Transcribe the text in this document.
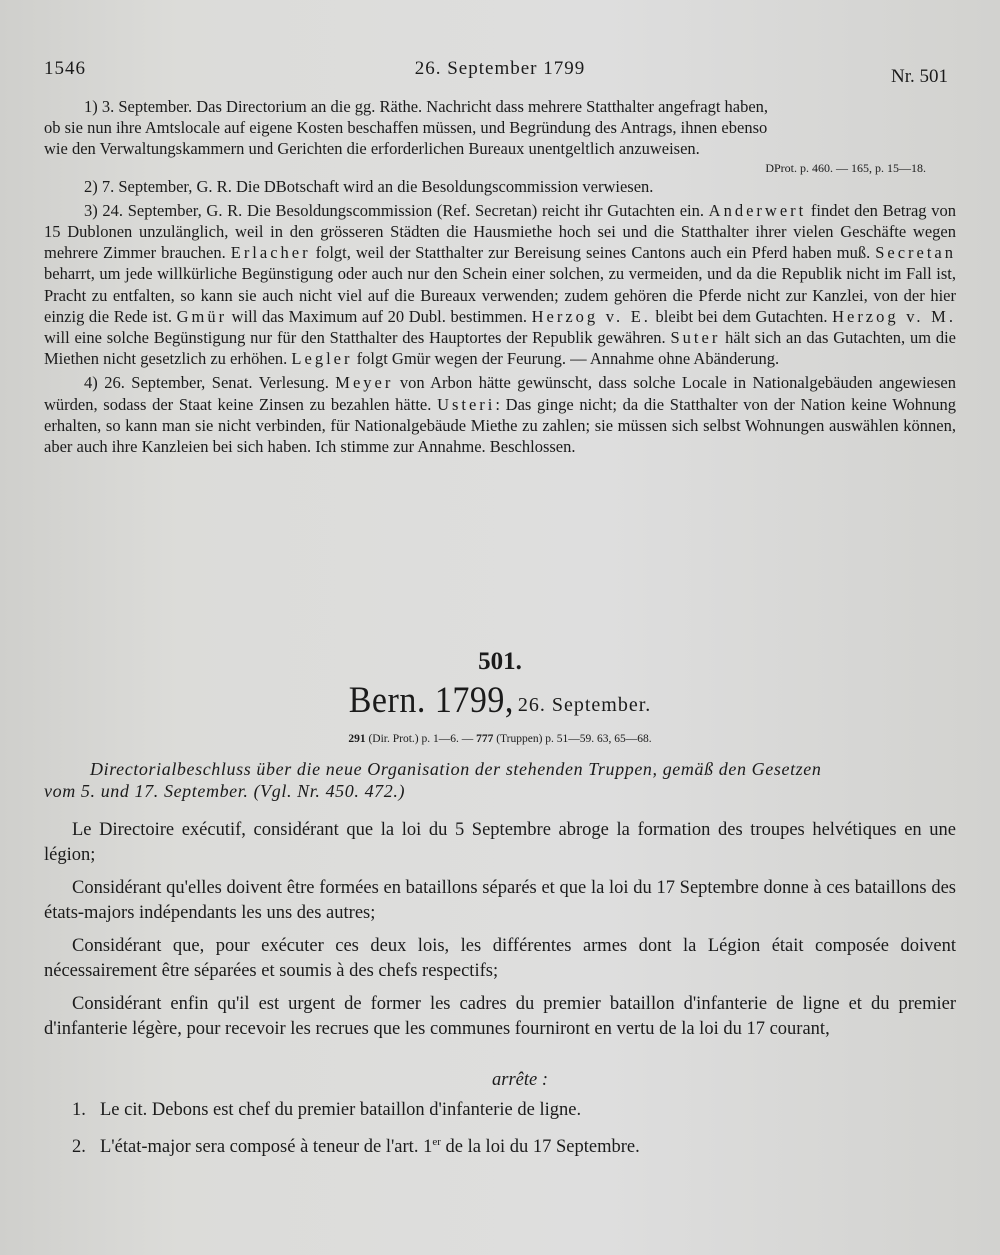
26. September 1799
1546	Nr. 501

1) 3. September. Das Directorium an die gg. Räthe. Nachricht dass mehrere Statthalter angefragt haben,
ob sie nun ihre Amtslocale auf eigene Kosten beschaffen müssen, und Begründung des Antrags, ihnen ebenso
wie den Verwaltungskammern und Gerichten die erforderlichen Bureaux unentgeltlich anzuweisen.

DProt. p. 460. — 165, p. 15—18.

2) 7. September, G. R. Die DBotschaft wird an die Besoldungscommission verwiesen.

3) 24. September, G. R. Die Besoldungscommission (Ref. Secretan) reicht ihr Gutachten ein. Anderwert findet den Betrag von 15 Dublonen unzulänglich, weil in den grösseren Städten die Hausmiethe hoch sei und die Statthalter ihrer vielen Geschäfte wegen mehrere Zimmer brauchen. Erlacher folgt, weil der Statthalter zur Bereisung seines Cantons auch ein Pferd haben muß. Secretan beharrt, um jede willkürliche Begünstigung oder auch nur den Schein einer solchen, zu vermeiden, und da die Republik nicht im Fall ist, Pracht zu entfalten, so kann sie auch nicht viel auf die Bureaux verwenden; zudem gehören die Pferde nicht zur Kanzlei, von der hier einzig die Rede ist. Gmür will das Maximum auf 20 Dubl. bestimmen. Herzog v. E. bleibt bei dem Gutachten. Herzog v. M. will eine solche Begünstigung nur für den Statthalter des Hauptortes der Republik gewähren. Suter hält sich an das Gutachten, um die Miethen nicht gesetzlich zu erhöhen. Legler folgt Gmür wegen der Feurung. — Annahme ohne Abänderung.

4) 26. September, Senat. Verlesung. Meyer von Arbon hätte gewünscht, dass solche Locale in Nationalgebäuden angewiesen würden, sodass der Staat keine Zinsen zu bezahlen hätte. Usteri: Das ginge nicht; da die Statthalter von der Nation keine Wohnung erhalten, so kann man sie nicht verbinden, für Nationalgebäude Miethe zu zahlen; sie müssen sich selbst Wohnungen auswählen können, aber auch ihre Kanzleien bei sich haben. Ich stimme zur Annahme. Beschlossen.

501.
Bern. 1799, 26. September.
291 (Dir. Prot.) p. 1—6. — 777 (Truppen) p. 51—59. 63, 65—68.
Directorialbeschluss über die neue Organisation der stehenden Truppen, gemäß den Gesetzen
vom 5. und 17. September. (Vgl. Nr. 450. 472.)

Le Directoire exécutif, considérant que la loi du 5 Septembre abroge la formation des troupes helvétiques en une légion;

Considérant qu'elles doivent être formées en bataillons séparés et que la loi du 17 Septembre donne à ces bataillons des états-majors indépendants les uns des autres;

Considérant que, pour exécuter ces deux lois, les différentes armes dont la Légion était composée doivent nécessairement être séparées et soumis à des chefs respectifs;

Considérant enfin qu'il est urgent de former les cadres du premier bataillon d'infanterie de ligne et du premier d'infanterie légère, pour recevoir les recrues que les communes fourniront en vertu de la loi du 17 courant,

arrête :
1. Le cit. Debons est chef du premier bataillon d'infanterie de ligne.
2. L'état-major sera composé à teneur de l'art. 1er de la loi du 17 Septembre.
